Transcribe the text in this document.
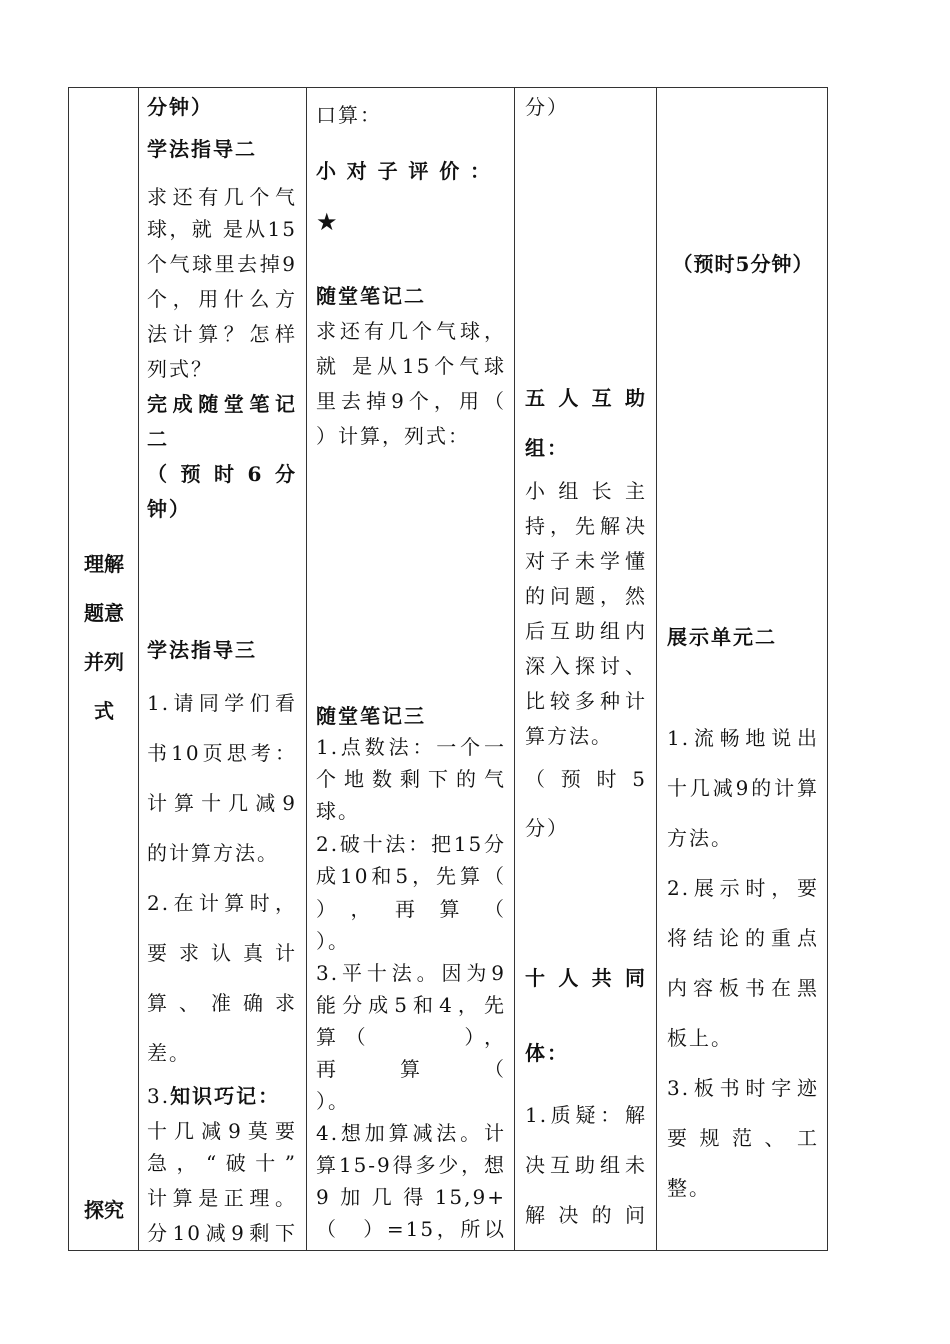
理解
题意
并列
式
探究
分钟）
学法指导二
求还有几个气
球，就 是从15
个气球里去掉9
个，用什么方
法计算？怎样
列式？
完成随堂笔记
二
（预时6分
钟）
学法指导三
1.请同学们看
书10页思考：
计算十几减9
的计算方法。
2.在计算时，
要求认真计
算、准确求
差。
3.知识巧记：
十几减9莫要
急，“破十”
计算是正理。
分10减9剩下
口算：
小对子评价：
★
随堂笔记二
求还有几个气球，
就 是从15个气球
里去掉9个，用（
）计算，列式：
随堂笔记三
1.点数法：一个一
个地数剩下的气
球。
2.破十法：把15分
成10和5，先算（
），再算（
）。
3.平十法。因为9
能分成5和4，先
算（　　　），
再算（
）。
4.想加算减法。计
算15-9得多少，想
9加几得15,9+
（　）=15，所以
分）
五人互助
组：
小组长主
持，先解决
对子未学懂
的问题，然
后互助组内
深入探讨、
比较多种计
算方法。
（预时5
分）
十人共同
体：
1.质疑：解
决互助组未
解决的问
（预时5分钟）
展示单元二
1.流畅地说出
十几减9的计算
方法。
2.展示时，要
将结论的重点
内容板书在黑
板上。
3.板书时字迹
要规范、工
整。
